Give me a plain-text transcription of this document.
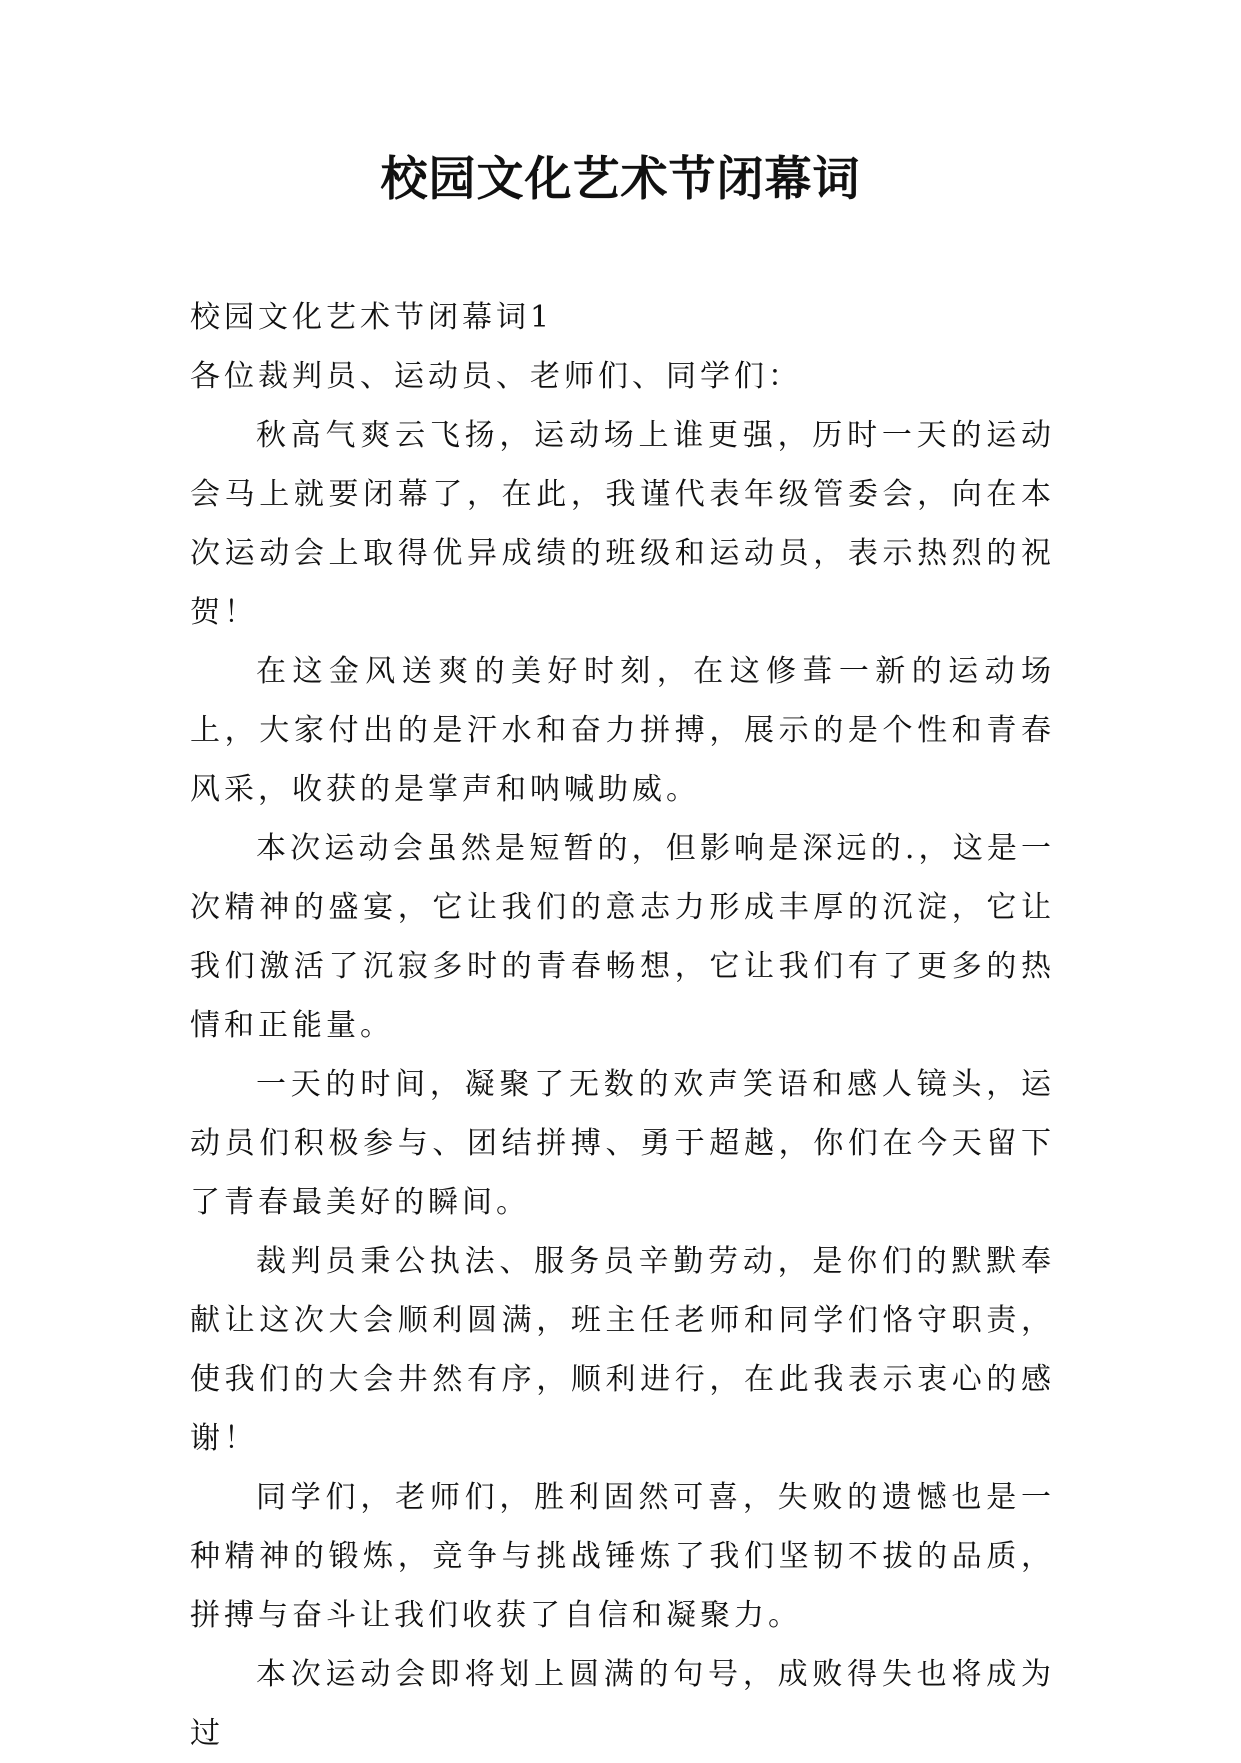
校园文化艺术节闭幕词

校园文化艺术节闭幕词1

各位裁判员、运动员、老师们、同学们：

秋高气爽云飞扬，运动场上谁更强，历时一天的运动会马上就要闭幕了，在此，我谨代表年级管委会，向在本次运动会上取得优异成绩的班级和运动员，表示热烈的祝贺！

在这金风送爽的美好时刻，在这修葺一新的运动场上，大家付出的是汗水和奋力拼搏，展示的是个性和青春风采，收获的是掌声和呐喊助威。

本次运动会虽然是短暂的，但影响是深远的.，这是一次精神的盛宴，它让我们的意志力形成丰厚的沉淀，它让我们激活了沉寂多时的青春畅想，它让我们有了更多的热情和正能量。

一天的时间，凝聚了无数的欢声笑语和感人镜头，运动员们积极参与、团结拼搏、勇于超越，你们在今天留下了青春最美好的瞬间。

裁判员秉公执法、服务员辛勤劳动，是你们的默默奉献让这次大会顺利圆满，班主任老师和同学们恪守职责，使我们的大会井然有序，顺利进行，在此我表示衷心的感谢！

同学们，老师们，胜利固然可喜，失败的遗憾也是一种精神的锻炼，竞争与挑战锤炼了我们坚韧不拔的品质，拼搏与奋斗让我们收获了自信和凝聚力。

本次运动会即将划上圆满的句号，成败得失也将成为过
